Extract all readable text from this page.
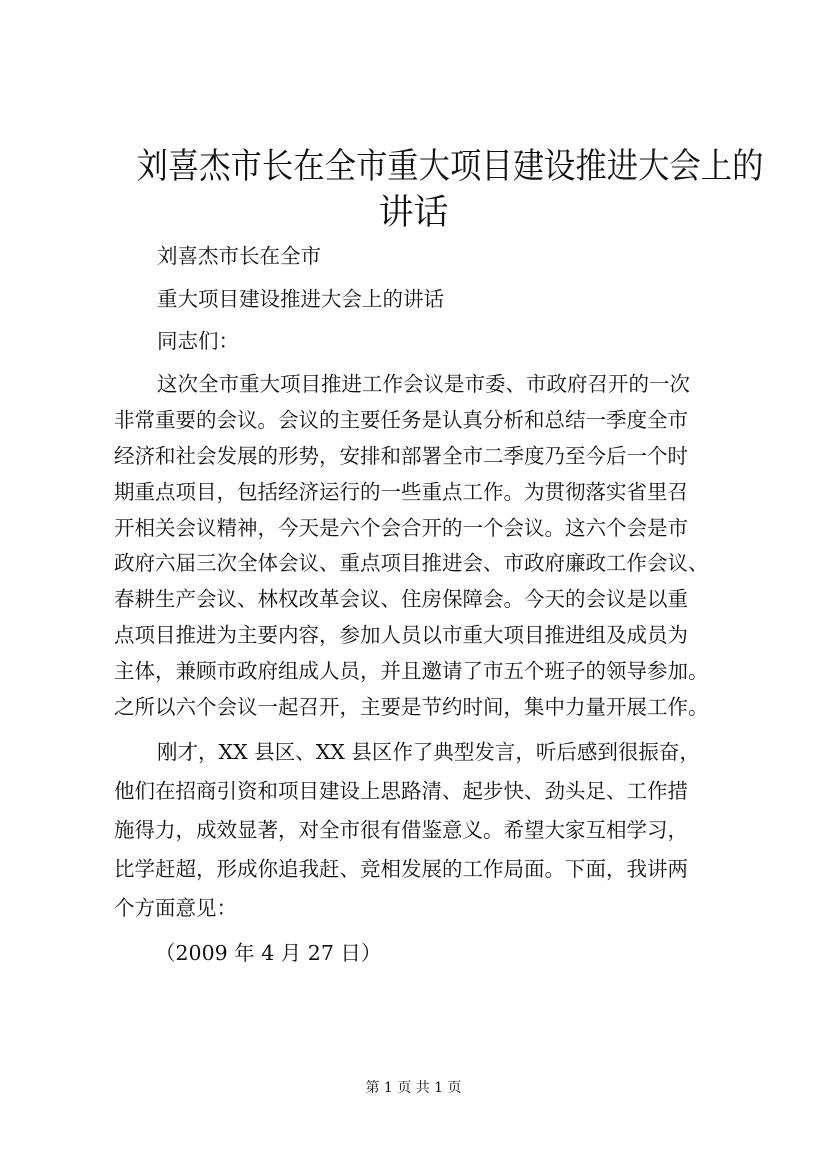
刘喜杰市长在全市重大项目建设推进大会上的
讲话

刘喜杰市长在全市

重大项目建设推进大会上的讲话

同志们：

这次全市重大项目推进工作会议是市委、市政府召开的一次

非常重要的会议。会议的主要任务是认真分析和总结一季度全市

经济和社会发展的形势，安排和部署全市二季度乃至今后一个时

期重点项目，包括经济运行的一些重点工作。为贯彻落实省里召

开相关会议精神，今天是六个会合开的一个会议。这六个会是市

政府六届三次全体会议、重点项目推进会、市政府廉政工作会议、

春耕生产会议、林权改革会议、住房保障会。今天的会议是以重

点项目推进为主要内容，参加人员以市重大项目推进组及成员为

主体，兼顾市政府组成人员，并且邀请了市五个班子的领导参加。

之所以六个会议一起召开，主要是节约时间，集中力量开展工作。

刚才，XX 县区、XX 县区作了典型发言，听后感到很振奋，

他们在招商引资和项目建设上思路清、起步快、劲头足、工作措

施得力，成效显著，对全市很有借鉴意义。希望大家互相学习，

比学赶超，形成你追我赶、竞相发展的工作局面。下面，我讲两

个方面意见：

（2009 年 4 月 27 日）

第 1 页 共 1 页
